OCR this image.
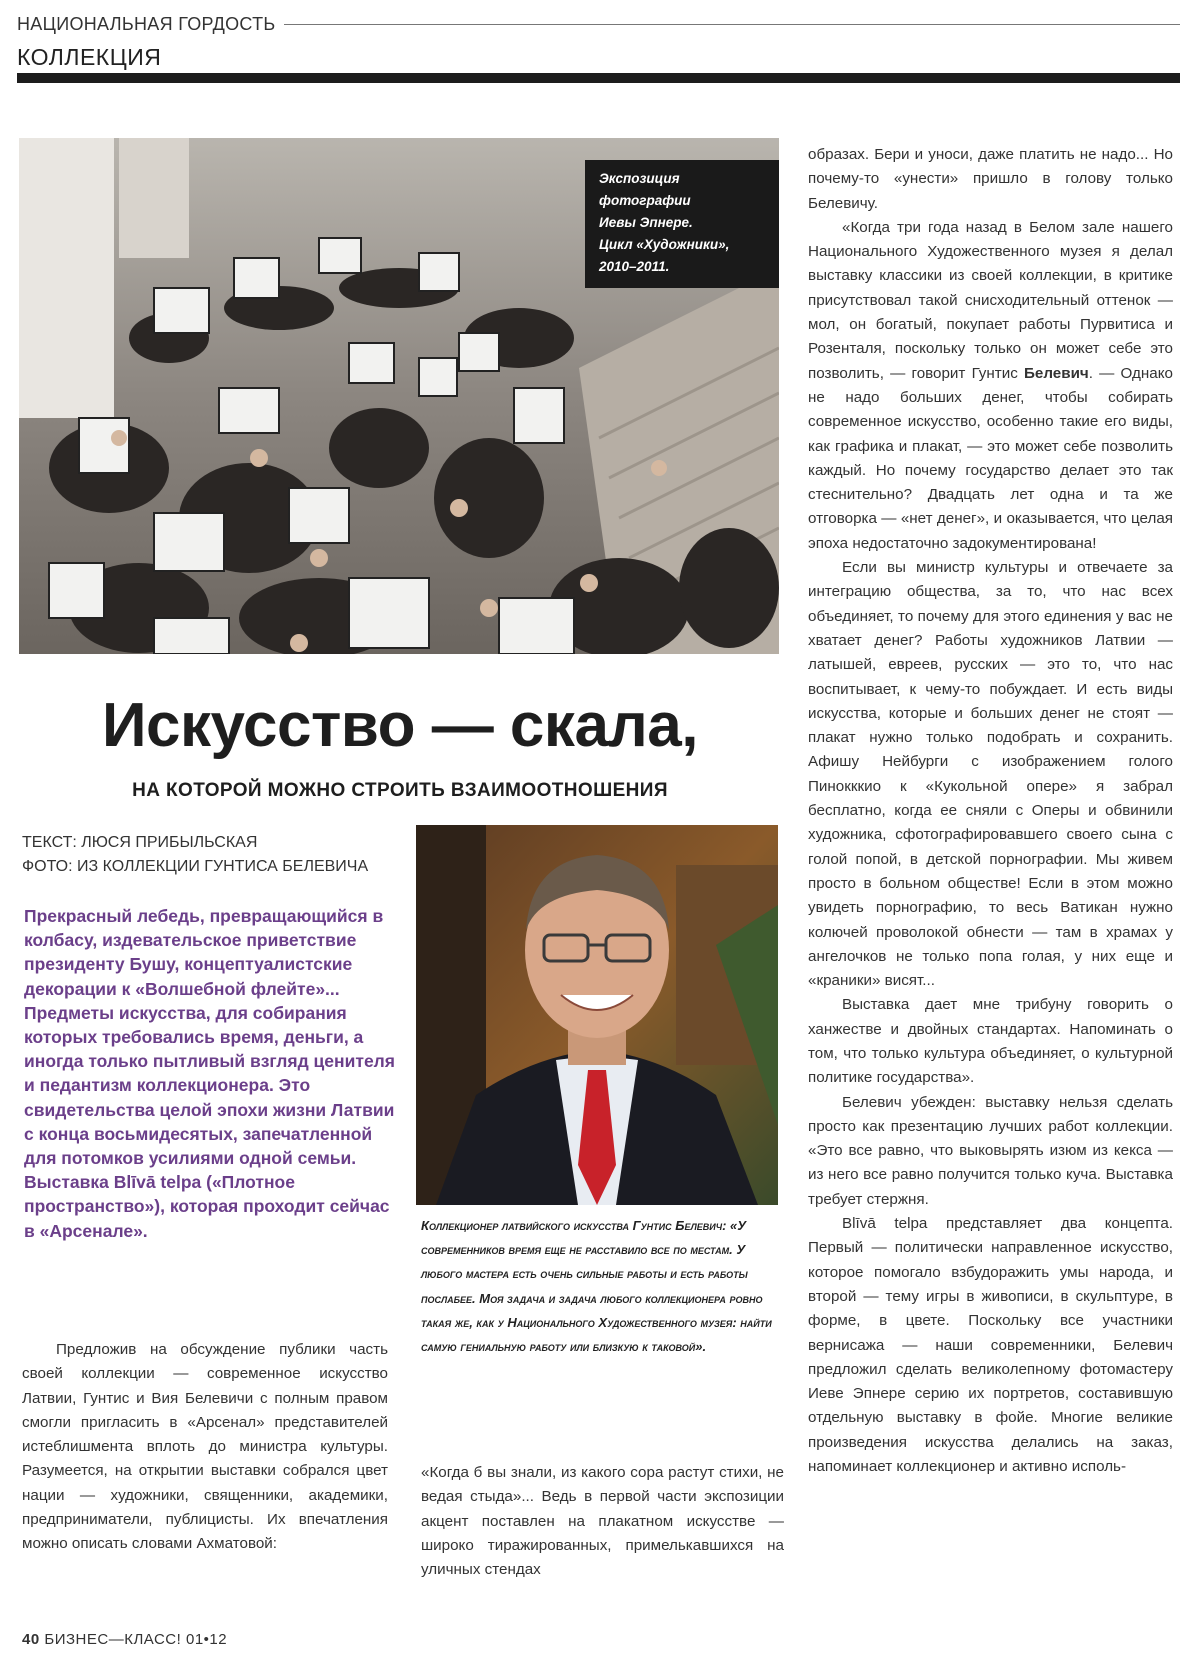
НАЦИОНАЛЬНАЯ ГОРДОСТЬ
КОЛЛЕКЦИЯ
Экспозиция
фотографии
Иевы Эпнере.
Цикл «Художники»,
2010–2011.
Искусство — скала,
НА КОТОРОЙ МОЖНО СТРОИТЬ ВЗАИМООТНОШЕНИЯ
ТЕКСТ: ЛЮСЯ ПРИБЫЛЬСКАЯ
ФОТО: ИЗ КОЛЛЕКЦИИ ГУНТИСА БЕЛЕВИЧА
Прекрасный лебедь, превращающийся в колбасу, издевательское приветствие президенту Бушу, концептуалистские декорации к «Волшебной флейте»... Предметы искусства, для собирания которых требовались время, деньги, а иногда только пытливый взгляд ценителя и педантизм коллекционера. Это свидетельства целой эпохи жизни Латвии с конца восьмидесятых, запечатленной для потомков усилиями одной семьи. Выставка Blīvā telpa («Плотное пространство»), которая проходит сейчас в «Арсенале».

Предложив на обсуждение публики часть своей коллекции — современное искусство Латвии, Гунтис и Вия Белевичи с полным правом смогли пригласить в «Арсенал» представителей истеблишмента вплоть до министра культуры. Разумеется, на открытии выставки собрался цвет нации — художники, священники, академики, предприниматели, публицисты. Их впечатления можно описать словами Ахматовой:

Коллекционер латвийского искусства Гунтис Белевич: «У современников время еще не расставило все по местам. У любого мастера есть очень сильные работы и есть работы послабее. Моя задача и задача любого коллекционера ровно такая же, как у Национального Художественного музея: найти самую гениальную работу или близкую к таковой».

«Когда б вы знали, из какого сора растут стихи, не ведая стыда»... Ведь в первой части экспозиции акцент поставлен на плакатном искусстве — широко тиражированных, примелькавшихся на уличных стендах

образах. Бери и уноси, даже платить не надо... Но почему-то «унести» пришло в голову только Белевичу.

«Когда три года назад в Белом зале нашего Национального Художественного музея я делал выставку классики из своей коллекции, в критике присутствовал такой снисходительный оттенок — мол, он богатый, покупает работы Пурвитиса и Розенталя, поскольку только он может себе это позволить, — говорит Гунтис Белевич. — Однако не надо больших денег, чтобы собирать современное искусство, особенно такие его виды, как графика и плакат, — это может себе позволить каждый. Но почему государство делает это так стеснительно? Двадцать лет одна и та же отговорка — «нет денег», и оказывается, что целая эпоха недостаточно задокументирована!

Если вы министр культуры и отвечаете за интеграцию общества, за то, что нас всех объединяет, то почему для этого единения у вас не хватает денег? Работы художников Латвии — латышей, евреев, русских — это то, что нас воспитывает, к чему-то побуждает. И есть виды искусства, которые и больших денег не стоят — плакат нужно только подобрать и сохранить. Афишу Нейбурги с изображением голого Пинокккио к «Кукольной опере» я забрал бесплатно, когда ее сняли с Оперы и обвинили художника, сфотографировавшего своего сына с голой попой, в детской порнографии. Мы живем просто в больном обществе! Если в этом можно увидеть порнографию, то весь Ватикан нужно колючей проволокой обнести — там в храмах у ангелочков не только попа голая, у них еще и «краники» висят...

Выставка дает мне трибуну говорить о ханжестве и двойных стандартах. Напоминать о том, что только культура объединяет, о культурной политике государства».

Белевич убежден: выставку нельзя сделать просто как презентацию лучших работ коллекции. «Это все равно, что выковырять изюм из кекса — из него все равно получится только куча. Выставка требует стержня.

Blīvā telpa представляет два концепта. Первый — политически направленное искусство, которое помогало взбудоражить умы народа, и второй — тему игры в живописи, в скульптуре, в форме, в цвете. Поскольку все участники вернисажа — наши современники, Белевич предложил сделать великолепному фотомастеру Иеве Эпнере серию их портретов, составившую отдельную выставку в фойе. Многие великие произведения искусства делались на заказ, напоминает коллекционер и активно исполь-

40 БИЗНЕС—КЛАСС! 01•12
